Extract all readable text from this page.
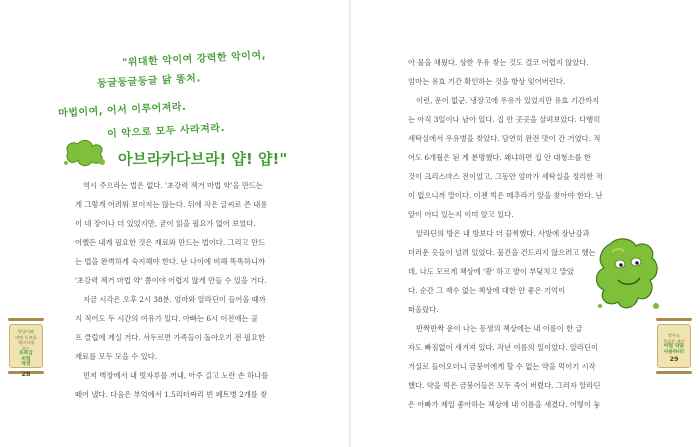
"위대한 악이여 강력한 악이여,
둥글둥글둥글 닭 똥처.
마법이여, 어서 이루어져라.
이 악으로 모두 사라져라.
아브라카다브라! 얍! 얍!"
역시 주으라는 법은 없다. '초강력 젝거 마법 약'을 만드는
게 그렇게 어려워 보이지는 않는다. 뒤에 작은 글씨로 쓴 내용
이 네 장이나 더 있었지만, 굳이 읽을 필요가 없어 보였다.
어쨌든 내게 필요한 것은 재료와 만드는 법이다. 그리고 만드
는 법을 완벽하게 숙지해야 한다. 난 나이에 비해 똑똑하니까
'초강력 젝거 마법 약' 쯤이야 어렵지 않게 만들 수 있을 거다.
지금 시각은 오후 2시 38분. 엄마와 알라딘이 들어올 때까
지 적어도 두 시간의 여유가 있다. 아빠는 6시 이전에는 골
프 클럽에 계실 거다. 서두르면 가족들이 돌아오기 전 필요한
재료를 모두 모을 수 있다.
먼저 벽장에서 내 빗자루를 꺼내, 아주 길고 노란 손 하나를
떼어 냈다. 다음은 부엌에서 1.5리터짜리 빈 페트병 2개를 찾
똥냥이와
어떤 동꼬를
재미지게
하는
초특급
비밀
작전
28
아 물을 채웠다. 상한 우유 찾는 것도 결코 어렵지 않았다.
엄마는 유효 기간 확인하는 것을 항상 잊어버린다.
이런, 운이 없군. 냉장고에 우유가 있었지만 유효 기간까지
는 아직 3일이나 남아 있다. 집 안 곳곳을 살펴보았다. 다행히
세탁실에서 우유병을 찾았다. 당연히 완전 맛이 간 거였다. 적
어도 6개월은 된 게 분명했다. 왜냐하면 집 안 대청소를 한
것이 크리스마스 전이었고, 그동안 엄마가 세탁실을 정리한 적
이 없으니까 말이다. 이젠 빅은 메추라기 알을 찾아야 한다. 난
알이 어디 있는지 이미 알고 있다.
알라딘의 방은 내 방보다 더 끔찍했다. 사방에 장난감과
더러운 옷들이 널려 있었다. 물건을 건드리지 않으려고 했는
데, 나도 모르게 책상에 '쾅' 하고 발이 부딪치고 말았
다. 순간 그 재수 없는 책상에 대한 안 좋은 기억이
떠올랐다.
반짝반짝 윤이 나는 동생의 책상에는 내 이름이 한 글
자도 빠짐없이 새겨져 있다. 작년 여름의 일이었다. 알라딘이
거실로 들어오더니 금붕어에게 할 수 없는 약을 먹이기 시작
했다. 약을 먹은 금붕어들은 모두 죽어 버렸다. 그러자 알라딘
은 아빠가 제일 좋아하는 책상에 내 이름을 새겼다. 어떻이 놓
깍두도
못같은 제기
마법 약을
사용하다!
29
